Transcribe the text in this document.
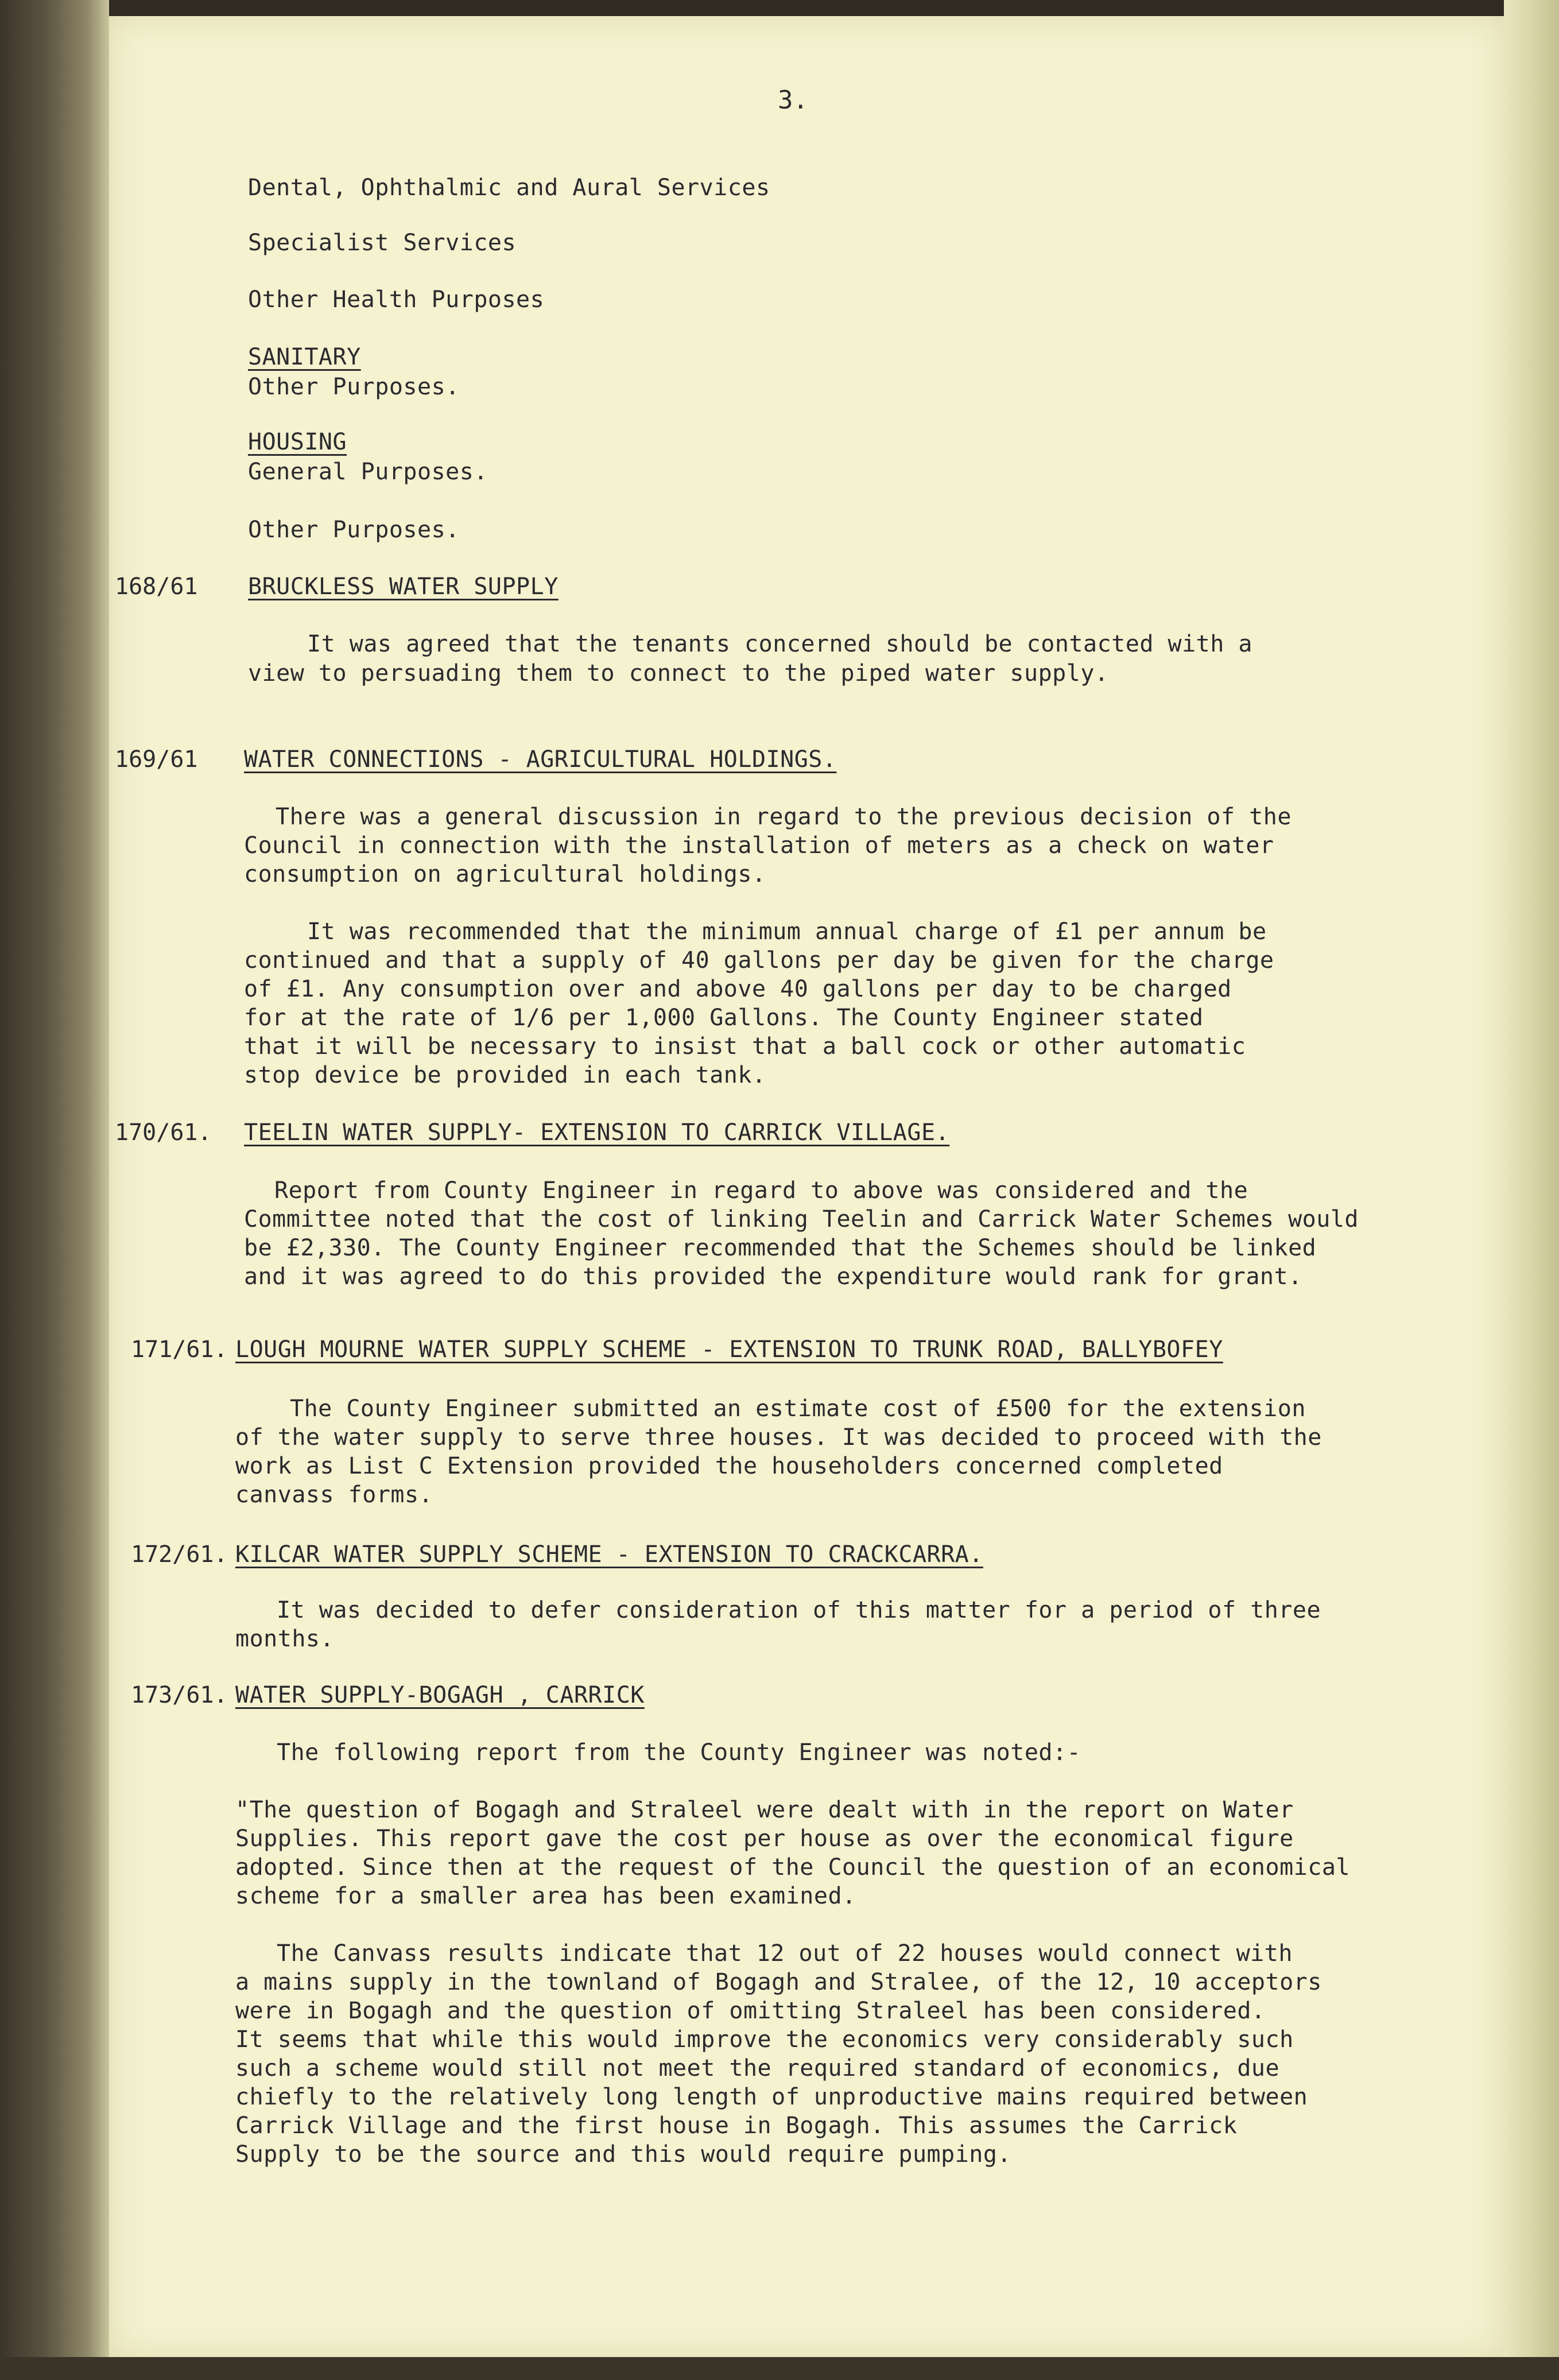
3.
Dental, Ophthalmic and Aural Services
Specialist Services
Other Health Purposes
SANITARY
Other Purposes.
HOUSING
General Purposes.
Other Purposes.
168/61 BRUCKLESS WATER SUPPLY
It was agreed that the tenants concerned should be contacted with a
view to persuading them to connect to the piped water supply.
169/61 WATER CONNECTIONS - AGRICULTURAL HOLDINGS.
There was a general discussion in regard to the previous decision of the
Council in connection with the installation of meters as a check on water
consumption on agricultural holdings.
It was recommended that the minimum annual charge of £1 per annum be
continued and that a supply of 40 gallons per day be given for the charge
of £1. Any consumption over and above 40 gallons per day to be charged
for at the rate of 1/6 per 1,000 Gallons. The County Engineer stated
that it will be necessary to insist that a ball cock or other automatic
stop device be provided in each tank.
170/61. TEELIN WATER SUPPLY- EXTENSION TO CARRICK VILLAGE.
Report from County Engineer in regard to above was considered and the
Committee noted that the cost of linking Teelin and Carrick Water Schemes would
be £2,330. The County Engineer recommended that the Schemes should be linked
and it was agreed to do this provided the expenditure would rank for grant.
171/61. LOUGH MOURNE WATER SUPPLY SCHEME - EXTENSION TO TRUNK ROAD, BALLYBOFEY
The County Engineer submitted an estimate cost of £500 for the extension
of the water supply to serve three houses. It was decided to proceed with the
work as List C Extension provided the householders concerned completed
canvass forms.
172/61. KILCAR WATER SUPPLY SCHEME - EXTENSION TO CRACKCARRA.
It was decided to defer consideration of this matter for a period of three
months.
173/61. WATER SUPPLY-BOGAGH , CARRICK
The following report from the County Engineer was noted:-
"The question of Bogagh and Straleel were dealt with in the report on Water
Supplies. This report gave the cost per house as over the economical figure
adopted. Since then at the request of the Council the question of an economical
scheme for a smaller area has been examined.
The Canvass results indicate that 12 out of 22 houses would connect with
a mains supply in the townland of Bogagh and Stralee, of the 12, 10 acceptors
were in Bogagh and the question of omitting Straleel has been considered.
It seems that while this would improve the economics very considerably such
such a scheme would still not meet the required standard of economics, due
chiefly to the relatively long length of unproductive mains required between
Carrick Village and the first house in Bogagh. This assumes the Carrick
Supply to be the source and this would require pumping.
